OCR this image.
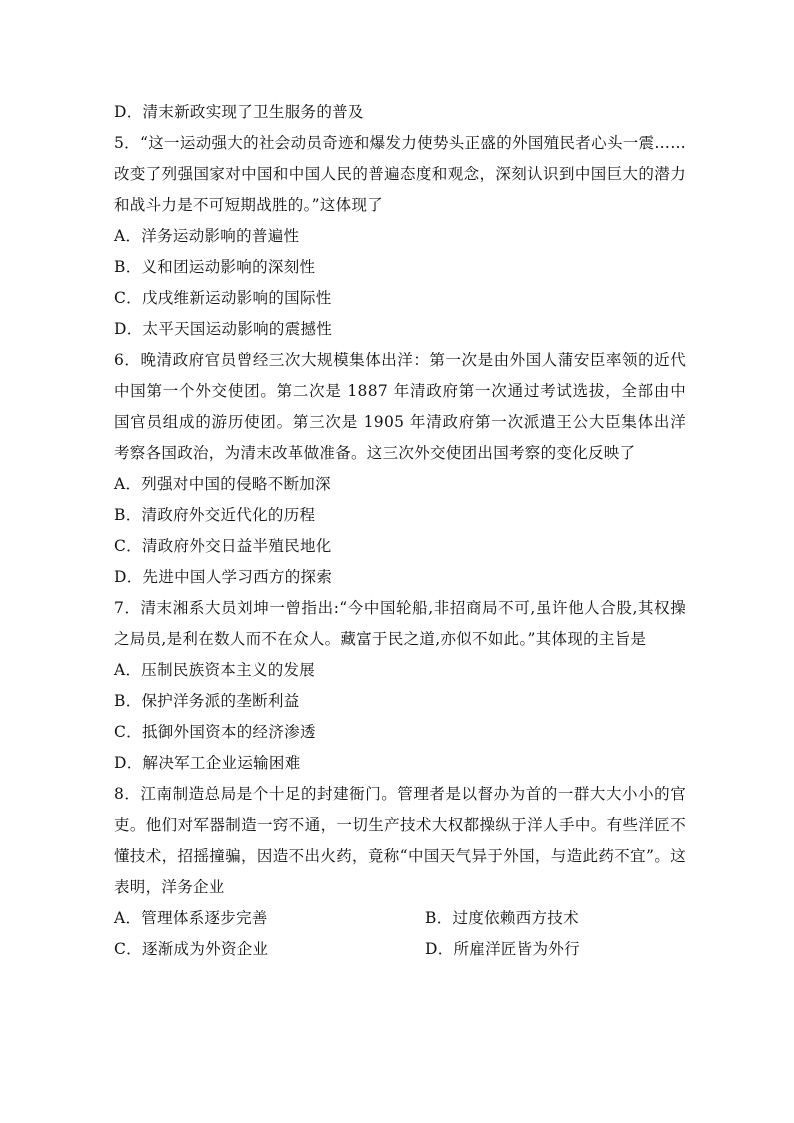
D．清末新政实现了卫生服务的普及
5．“这一运动强大的社会动员奇迹和爆发力使势头正盛的外国殖民者心头一震……改变了列强国家对中国和中国人民的普遍态度和观念，深刻认识到中国巨大的潜力和战斗力是不可短期战胜的。”这体现了
A．洋务运动影响的普遍性
B．义和团运动影响的深刻性
C．戊戌维新运动影响的国际性
D．太平天国运动影响的震撼性
6．晚清政府官员曾经三次大规模集体出洋：第一次是由外国人蒲安臣率领的近代中国第一个外交使团。第二次是 1887 年清政府第一次通过考试选拔，全部由中国官员组成的游历使团。第三次是 1905 年清政府第一次派遣王公大臣集体出洋考察各国政治，为清末改革做准备。这三次外交使团出国考察的变化反映了
A．列强对中国的侵略不断加深
B．清政府外交近代化的历程
C．清政府外交日益半殖民地化
D．先进中国人学习西方的探索
7．清末湘系大员刘坤一曾指出:“今中国轮船,非招商局不可,虽许他人合股,其权操之局员,是利在数人而不在众人。藏富于民之道,亦似不如此。”其体现的主旨是
A．压制民族资本主义的发展
B．保护洋务派的垄断利益
C．抵御外国资本的经济渗透
D．解决军工企业运输困难
8．江南制造总局是个十足的封建衙门。管理者是以督办为首的一群大大小小的官吏。他们对军器制造一窍不通，一切生产技术大权都操纵于洋人手中。有些洋匠不懂技术，招摇撞骗，因造不出火药，竟称“中国天气异于外国，与造此药不宜”。这表明，洋务企业
A．管理体系逐步完善	B．过度依赖西方技术
C．逐渐成为外资企业	D．所雇洋匠皆为外行
